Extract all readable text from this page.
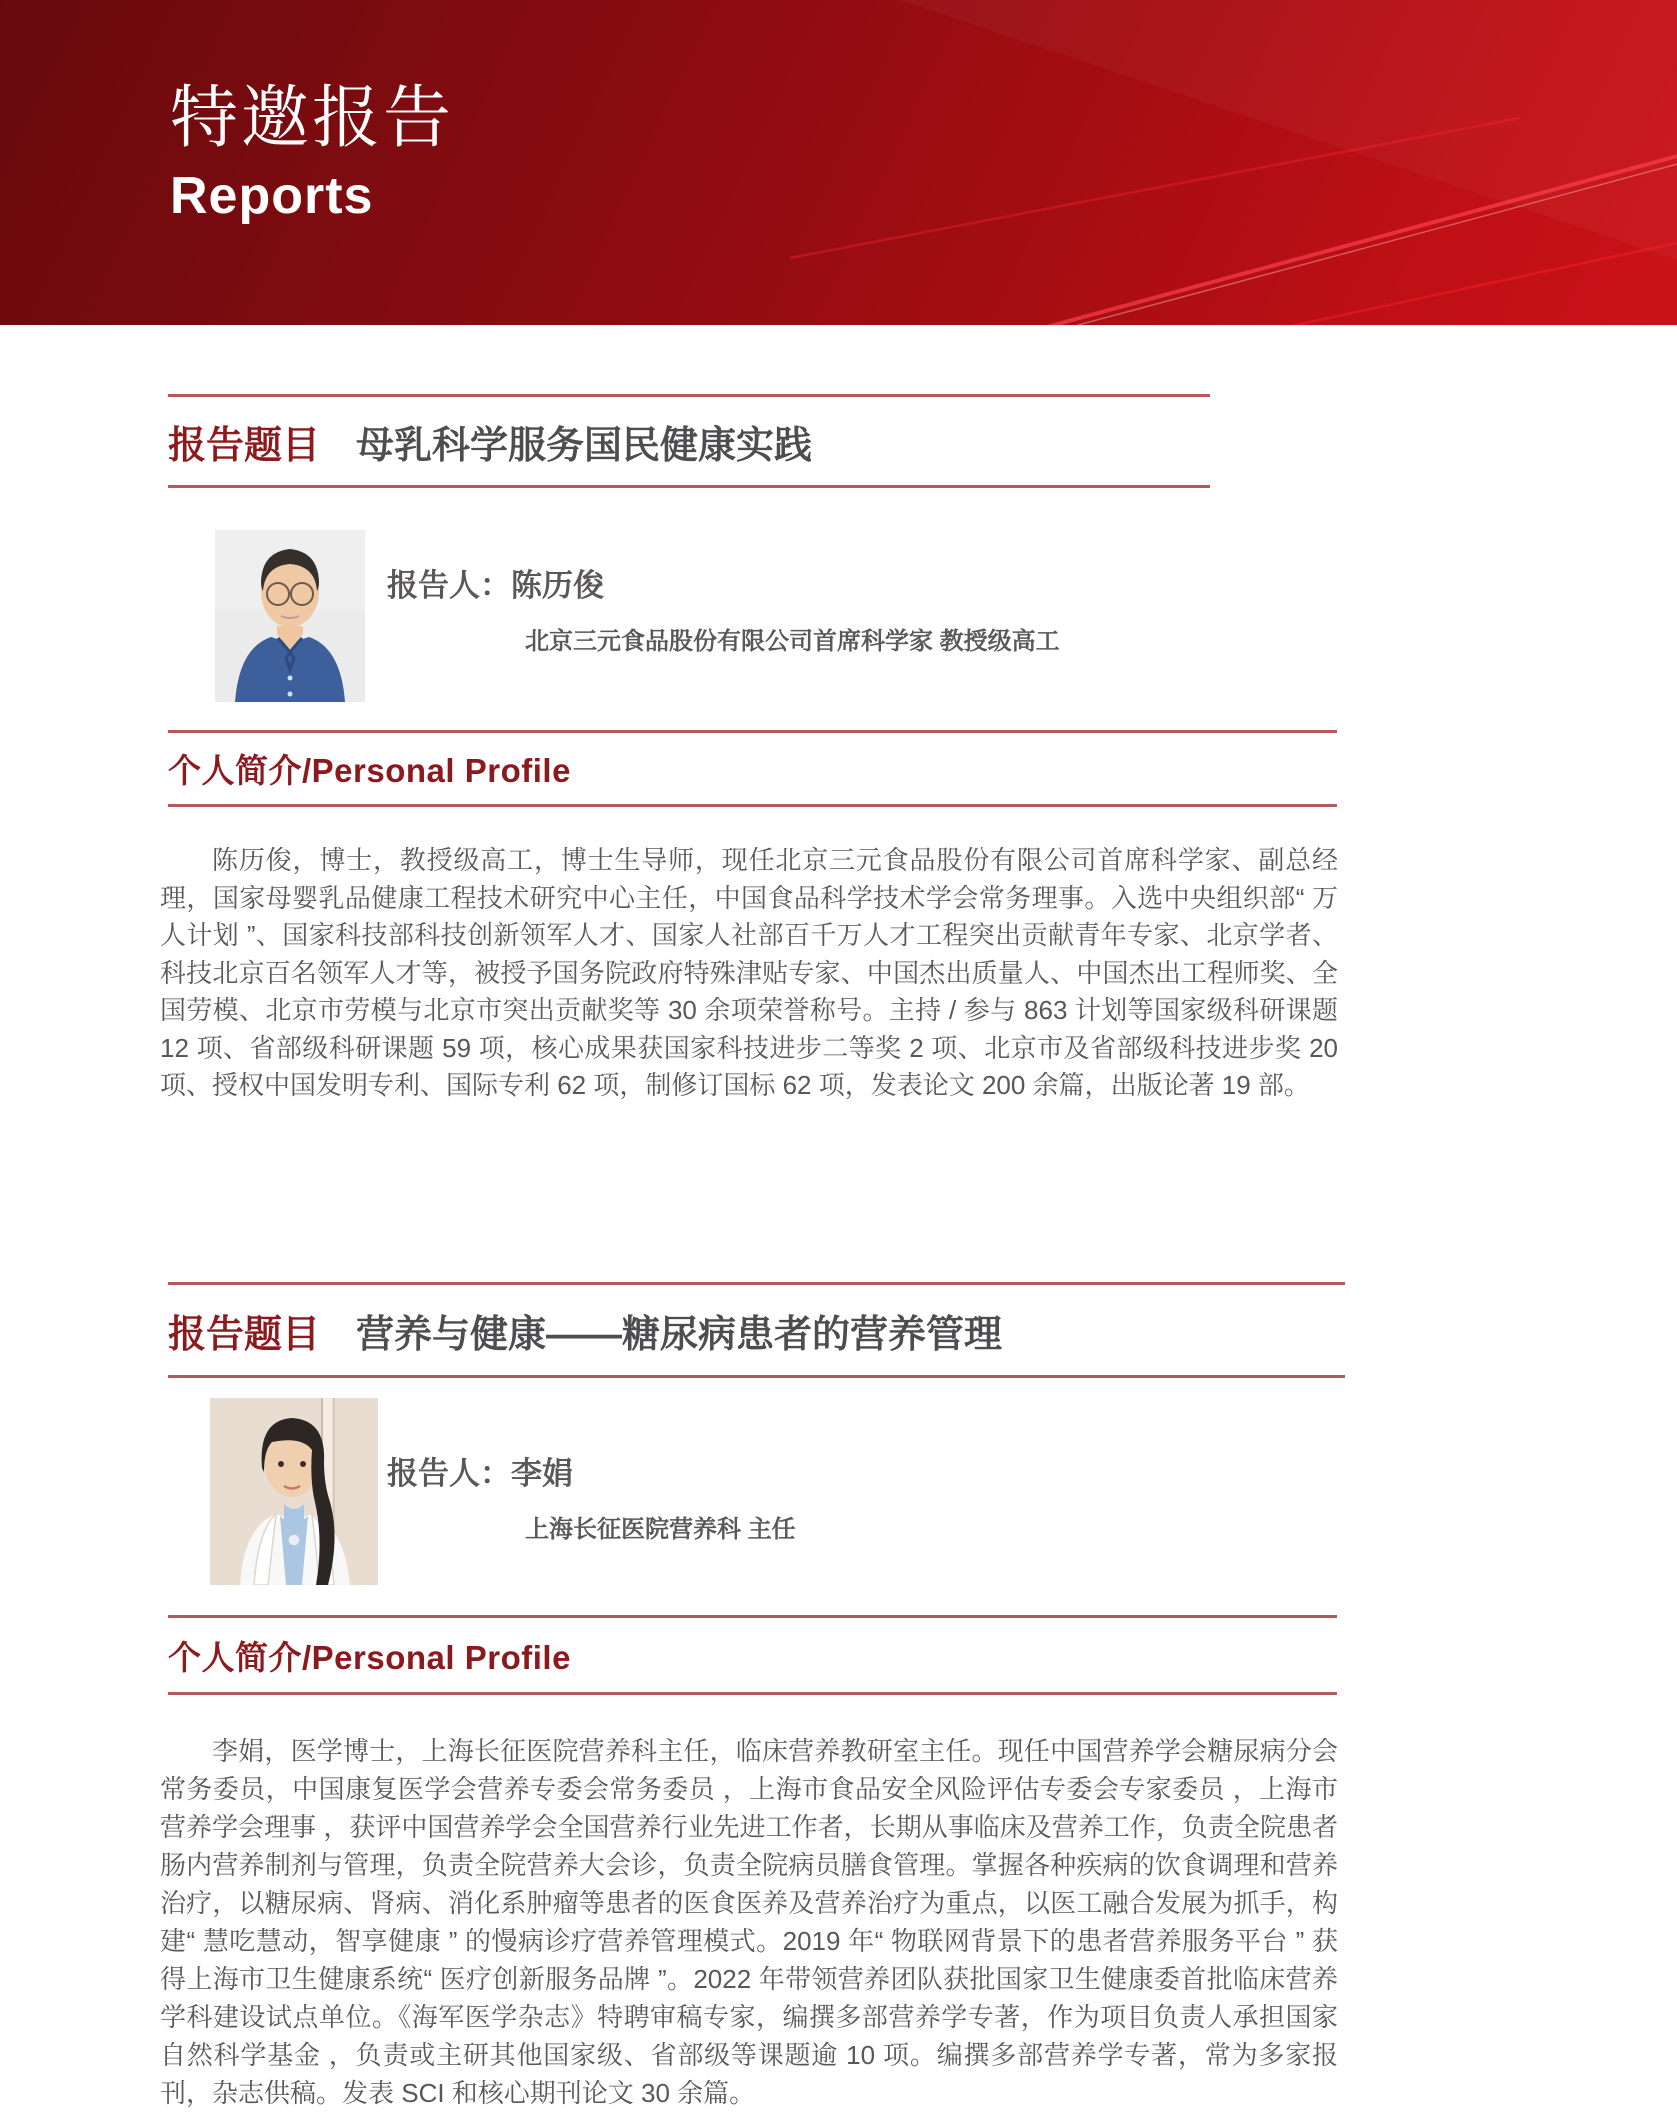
特邀报告
Reports
报告题目 母乳科学服务国民健康实践
报告人：陈历俊
北京三元食品股份有限公司首席科学家 教授级高工
个人简介/Personal Profile
陈历俊，博士，教授级高工，博士生导师，现任北京三元食品股份有限公司首席科学家、副总经理，国家母婴乳品健康工程技术研究中心主任，中国食品科学技术学会常务理事。入选中央组织部“ 万人计划 ”、国家科技部科技创新领军人才、国家人社部百千万人才工程突出贡献青年专家、北京学者、科技北京百名领军人才等，被授予国务院政府特殊津贴专家、中国杰出质量人、中国杰出工程师奖、全国劳模、北京市劳模与北京市突出贡献奖等 30 余项荣誉称号。主持 / 参与 863 计划等国家级科研课题 12 项、省部级科研课题 59 项，核心成果获国家科技进步二等奖 2 项、北京市及省部级科技进步奖 20 项、授权中国发明专利、国际专利 62 项，制修订国标 62 项，发表论文 200 余篇，出版论著 19 部。
报告题目 营养与健康——糖尿病患者的营养管理
报告人：李娟
上海长征医院营养科 主任
个人简介/Personal Profile
李娟，医学博士，上海长征医院营养科主任，临床营养教研室主任。现任中国营养学会糖尿病分会常务委员，中国康复医学会营养专委会常务委员 ，上海市食品安全风险评估专委会专家委员 ，上海市营养学会理事 ，获评中国营养学会全国营养行业先进工作者，长期从事临床及营养工作，负责全院患者肠内营养制剂与管理，负责全院营养大会诊，负责全院病员膳食管理。掌握各种疾病的饮食调理和营养治疗，以糖尿病、肾病、消化系肿瘤等患者的医食医养及营养治疗为重点，以医工融合发展为抓手，构建“ 慧吃慧动，智享健康 ” 的慢病诊疗营养管理模式。2019 年“ 物联网背景下的患者营养服务平台 ” 获得上海市卫生健康系统“ 医疗创新服务品牌 ”。2022 年带领营养团队获批国家卫生健康委首批临床营养学科建设试点单位。《海军医学杂志》特聘审稿专家，编撰多部营养学专著，作为项目负责人承担国家自然科学基金 ，负责或主研其他国家级、省部级等课题逾 10 项。编撰多部营养学专著，常为多家报刊，杂志供稿。发表 SCI 和核心期刊论文 30 余篇。
